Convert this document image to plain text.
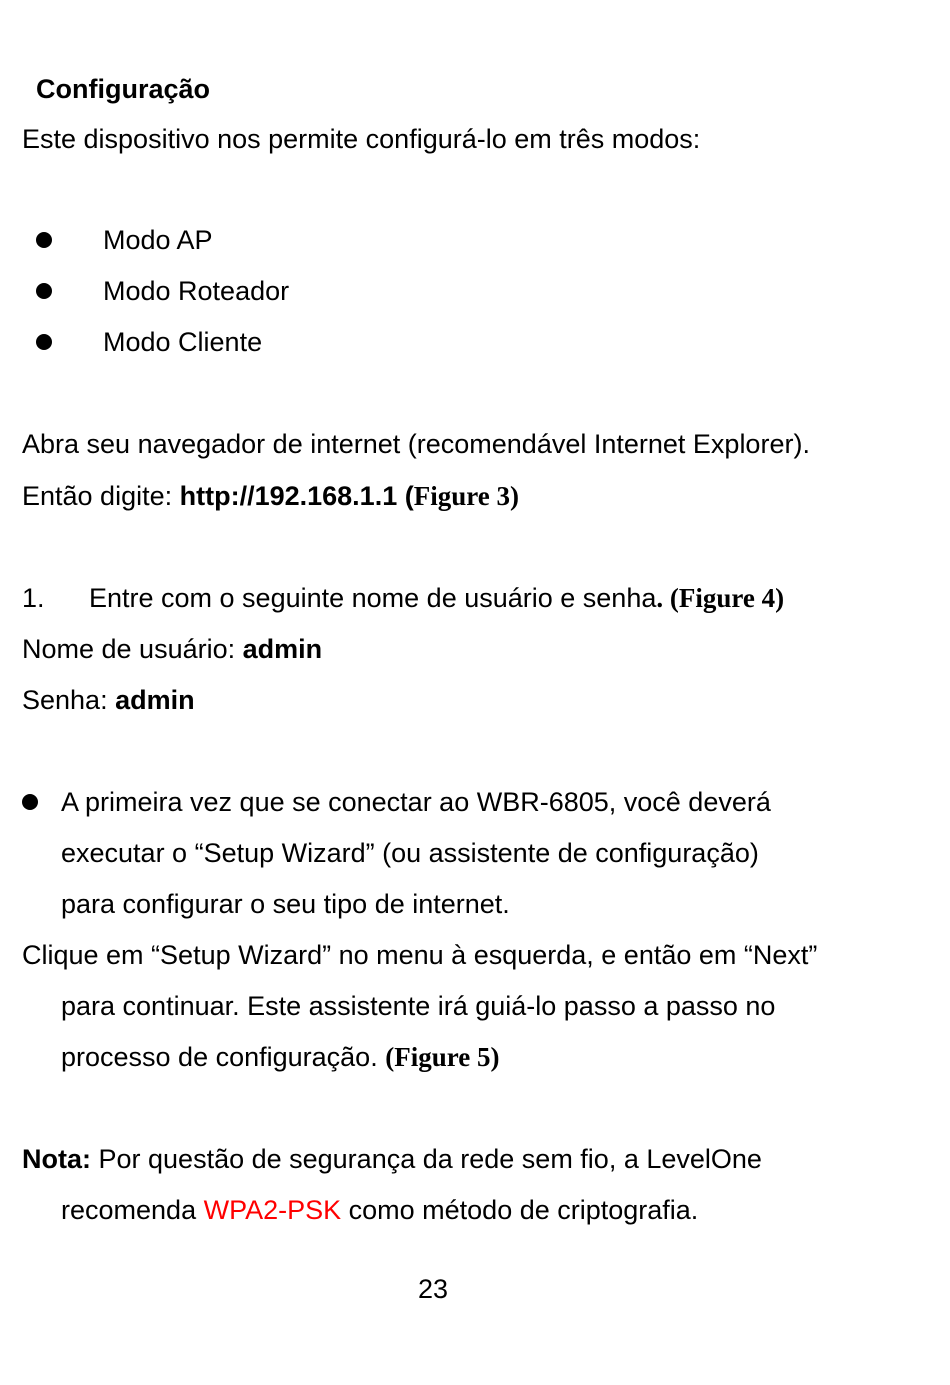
Configuração
Este dispositivo nos permite configurá-lo em três modos:
Modo AP
Modo Roteador
Modo Cliente
Abra seu navegador de internet (recomendável Internet Explorer).
Então digite: http://192.168.1.1 (Figure 3)
1. Entre com o seguinte nome de usuário e senha. (Figure 4)
Nome de usuário: admin
Senha: admin
A primeira vez que se conectar ao WBR-6805, você deverá
executar o “Setup Wizard” (ou assistente de configuração)
para configurar o seu tipo de internet.
Clique em “Setup Wizard” no menu à esquerda, e então em “Next”
para continuar. Este assistente irá guiá-lo passo a passo no
processo de configuração. (Figure 5)
Nota: Por questão de segurança da rede sem fio, a LevelOne
recomenda WPA2-PSK como método de criptografia.
23
